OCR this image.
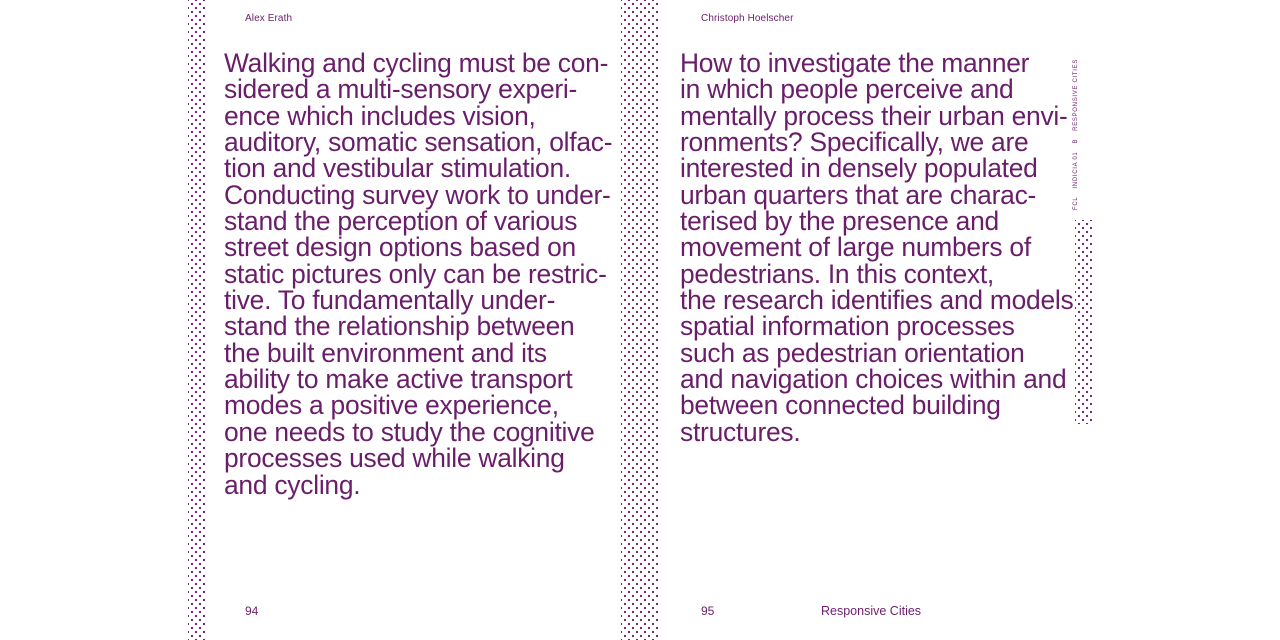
Alex Erath
Walking and cycling must be con-
sidered a multi-sensory experi-
ence which includes vision,
auditory, somatic sensation, olfac-
tion and vestibular stimulation.
Conducting survey work to under-
stand the perception of various
street design options based on
static pictures only can be restric-
tive. To fundamentally under-
stand the relationship between
the built environment and its
ability to make active transport
modes a positive experience,
one needs to study the cognitive
processes used while walking
and cycling.
94
Christoph Hoelscher
How to investigate the manner
in which people perceive and
mentally process their urban envi-
ronments? Specifically, we are
interested in densely populated
urban quarters that are charac-
terised by the presence and
movement of large numbers of
pedestrians. In this context,
the research identifies and models
spatial information processes
such as pedestrian orientation
and navigation choices within and
between connected building
structures.
95	Responsive Cities
FCL
INDICIA 01
B
RESPONSIVE CITIES
